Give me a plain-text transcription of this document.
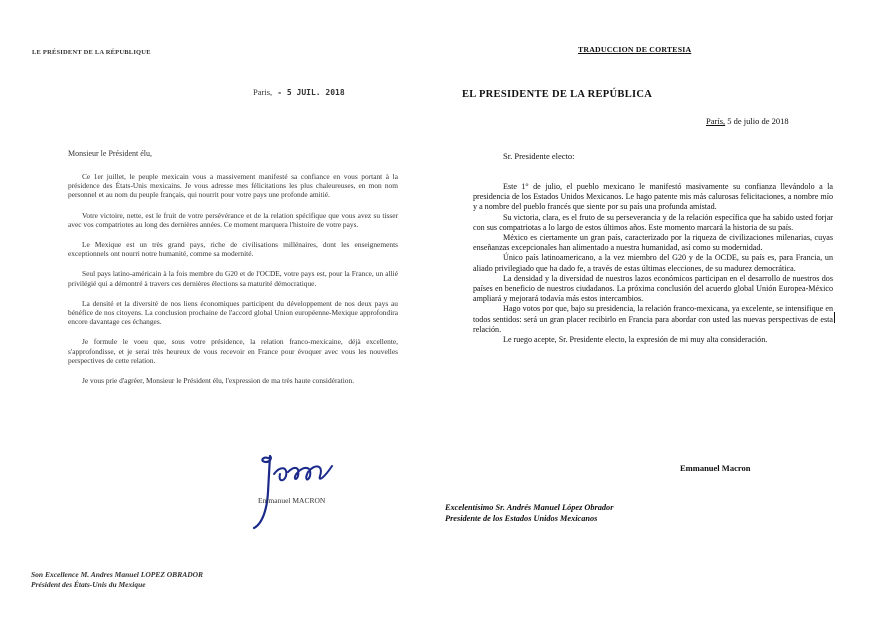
LE PRÉSIDENT DE LA RÉPUBLIQUE
Paris, - 5 JUIL. 2018
Monsieur le Président élu,

Ce 1er juillet, le peuple mexicain vous a massivement manifesté sa confiance en vous portant à la présidence des États-Unis mexicains. Je vous adresse mes félicitations les plus chaleureuses, en mon nom personnel et au nom du peuple français, qui nourrit pour votre pays une profonde amitié.

Votre victoire, nette, est le fruit de votre persévérance et de la relation spécifique que vous avez su tisser avec vos compatriotes au long des dernières années. Ce moment marquera l'histoire de votre pays.

Le Mexique est un très grand pays, riche de civilisations millénaires, dont les enseignements exceptionnels ont nourri notre humanité, comme sa modernité.

Seul pays latino-américain à la fois membre du G20 et de l'OCDE, votre pays est, pour la France, un allié privilégié qui a démontré à travers ces dernières élections sa maturité démocratique.

La densité et la diversité de nos liens économiques participent du développement de nos deux pays au bénéfice de nos citoyens. La conclusion prochaine de l'accord global Union européenne-Mexique approfondira encore davantage ces échanges.

Je formule le voeu que, sous votre présidence, la relation franco-mexicaine, déjà excellente, s'approfondisse, et je serai très heureux de vous recevoir en France pour évoquer avec vous les nouvelles perspectives de cette relation.

Je vous prie d'agréer, Monsieur le Président élu, l'expression de ma très haute considération.

Emmanuel MACRON
Son Excellence M. Andres Manuel LOPEZ OBRADOR
Président des États-Unis du Mexique
TRADUCCION DE CORTESIA
EL PRESIDENTE DE LA REPÚBLICA
París, 5 de julio de 2018
Sr. Presidente electo:

Este 1° de julio, el pueblo mexicano le manifestó masivamente su confianza llevándolo a la presidencia de los Estados Unidos Mexicanos. Le hago patente mis más calurosas felicitaciones, a nombre mío y a nombre del pueblo francés que siente por su país una profunda amistad.

Su victoria, clara, es el fruto de su perseverancia y de la relación específica que ha sabido usted forjar con sus compatriotas a lo largo de estos últimos años. Este momento marcará la historia de su país.

México es ciertamente un gran país, caracterizado por la riqueza de civilizaciones milenarias, cuyas enseñanzas excepcionales han alimentado a nuestra humanidad, así como su modernidad.

Único país latinoamericano, a la vez miembro del G20 y de la OCDE, su país es, para Francia, un aliado privilegiado que ha dado fe, a través de estas últimas elecciones, de su madurez democrática.

La densidad y la diversidad de nuestros lazos económicos participan en el desarrollo de nuestros dos países en beneficio de nuestros ciudadanos. La próxima conclusión del acuerdo global Unión Europea-México ampliará y mejorará todavía más estos intercambios.

Hago votos por que, bajo su presidencia, la relación franco-mexicana, ya excelente, se intensifique en todos sentidos: será un gran placer recibirlo en Francia para abordar con usted las nuevas perspectivas de esta relación.

Le ruego acepte, Sr. Presidente electo, la expresión de mi muy alta consideración.

Emmanuel Macron
Excelentísimo Sr. Andrés Manuel López Obrador
Presidente de los Estados Unidos Mexicanos
